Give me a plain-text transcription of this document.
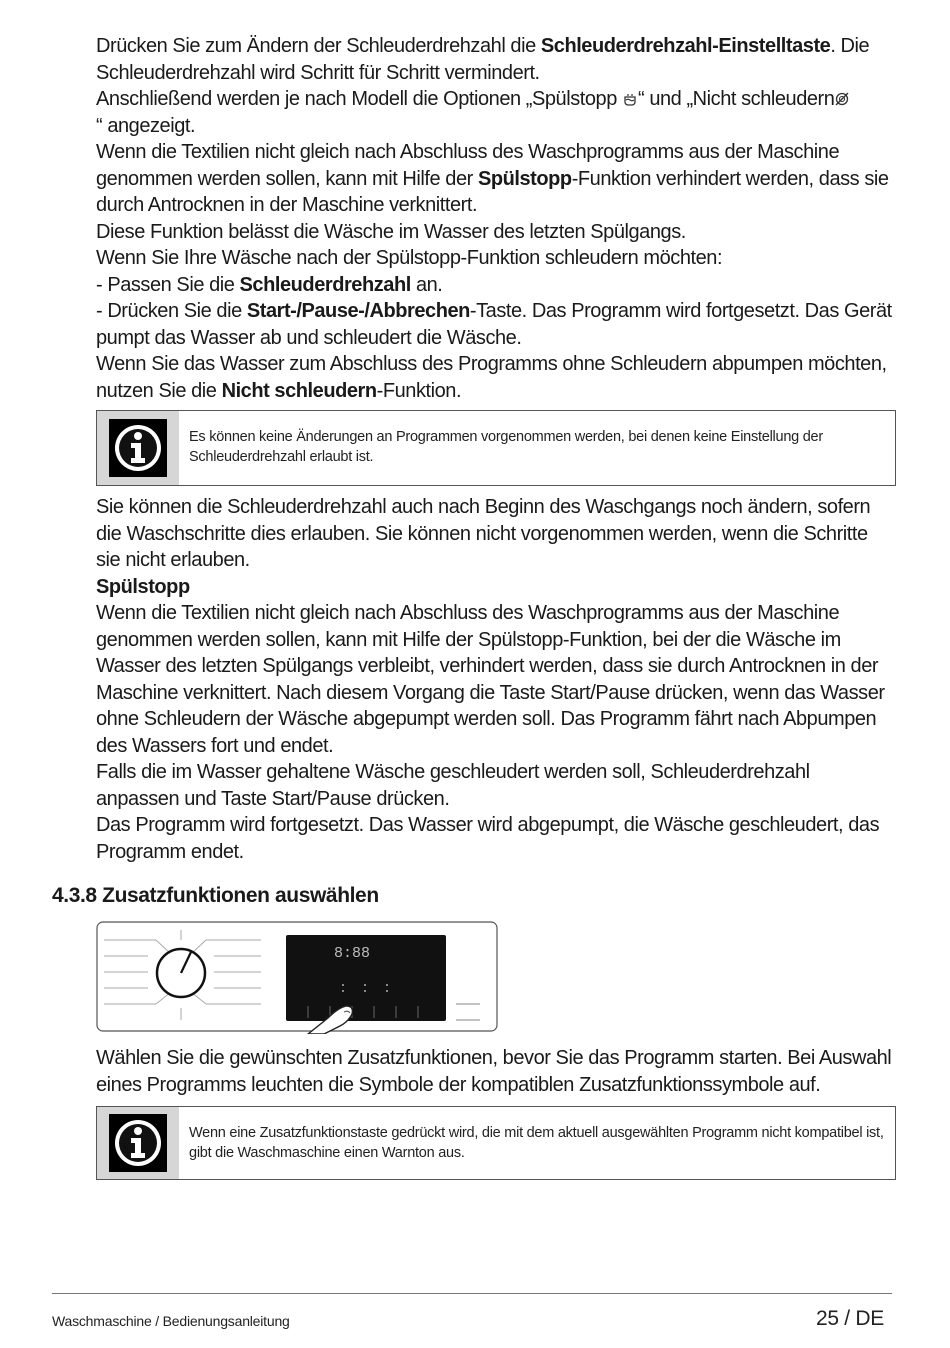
Drücken Sie zum Ändern der Schleuderdrehzahl die Schleuderdrehzahl-Einstelltaste. Die Schleuderdrehzahl wird Schritt für Schritt vermindert.

Anschließend werden je nach Modell die Optionen „Spülstopp “ und „Nicht schleudern
“ angezeigt.

Wenn die Textilien nicht gleich nach Abschluss des Waschprogramms aus der Maschine genommen werden sollen, kann mit Hilfe der Spülstopp-Funktion verhindert werden, dass sie durch Antrocknen in der Maschine verknittert.

Diese Funktion belässt die Wäsche im Wasser des letzten Spülgangs.

Wenn Sie Ihre Wäsche nach der Spülstopp-Funktion schleudern möchten:

- Passen Sie die Schleuderdrehzahl an.

- Drücken Sie die Start-/Pause-/Abbrechen-Taste. Das Programm wird fortgesetzt. Das Gerät pumpt das Wasser ab und schleudert die Wäsche.

Wenn Sie das Wasser zum Abschluss des Programms ohne Schleudern abpumpen möchten, nutzen Sie die Nicht schleudern-Funktion.

Es können keine Änderungen an Programmen vorgenommen werden, bei denen keine Einstellung der Schleuderdrehzahl erlaubt ist.

Sie können die Schleuderdrehzahl auch nach Beginn des Waschgangs noch ändern, sofern die Waschschritte dies erlauben. Sie können nicht vorgenommen werden, wenn die Schritte sie nicht erlauben.

Spülstopp

Wenn die Textilien nicht gleich nach Abschluss des Waschprogramms aus der Maschine genommen werden sollen, kann mit Hilfe der Spülstopp-Funktion, bei der die Wäsche im Wasser des letzten Spülgangs verbleibt, verhindert werden, dass sie durch Antrocknen in der Maschine verknittert. Nach diesem Vorgang die Taste Start/Pause drücken, wenn das Wasser ohne Schleudern der Wäsche abgepumpt werden soll. Das Programm fährt nach Abpumpen des Wassers fort und endet.

Falls die im Wasser gehaltene Wäsche geschleudert werden soll, Schleuderdrehzahl anpassen und Taste Start/Pause drücken.

Das Programm wird fortgesetzt. Das Wasser wird abgepumpt, die Wäsche geschleudert, das Programm endet.

4.3.8 Zusatzfunktionen auswählen
8:88

Wählen Sie die gewünschten Zusatzfunktionen, bevor Sie das Programm starten. Bei Auswahl eines Programms leuchten die Symbole der kompatiblen Zusatzfunktionssymbole auf.

Wenn eine Zusatzfunktionstaste gedrückt wird, die mit dem aktuell ausgewählten Programm nicht kompatibel ist, gibt die Waschmaschine einen Warnton aus.
Waschmaschine / Bedienungsanleitung	25 / DE
